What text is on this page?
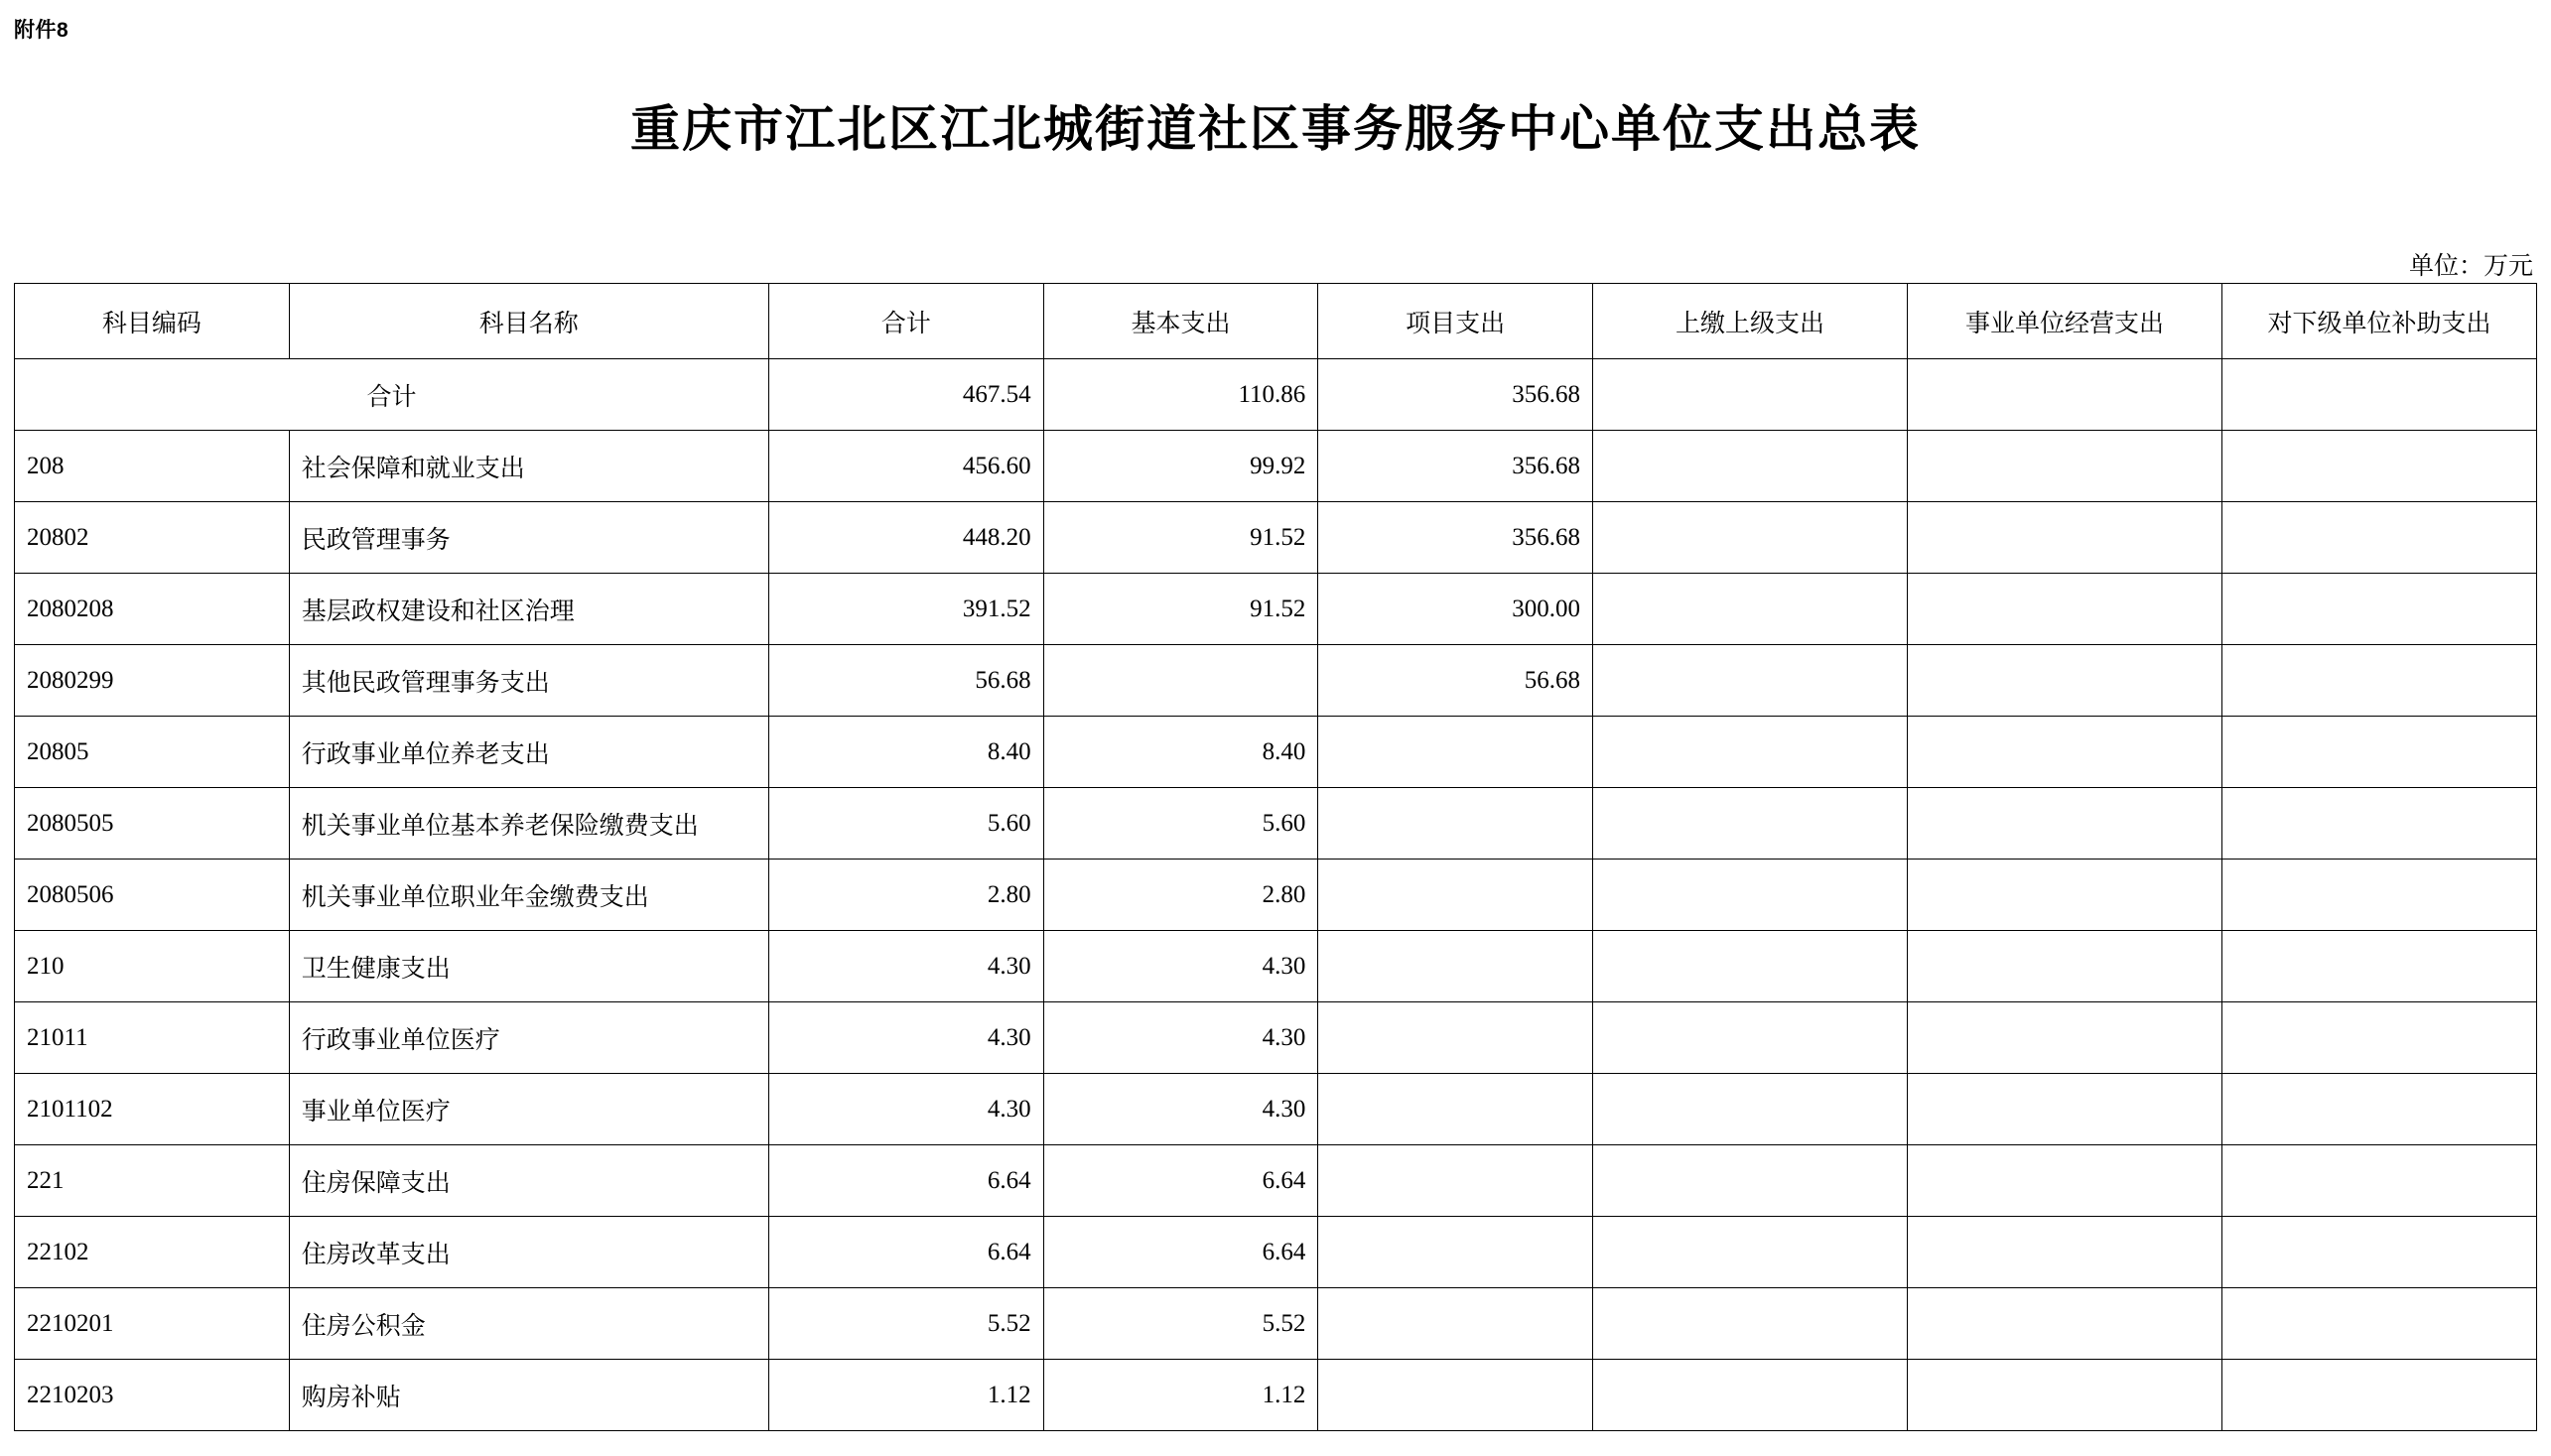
附件8
重庆市江北区江北城街道社区事务服务中心单位支出总表
单位：万元
科目编码	科目名称	合计	基本支出	项目支出	上缴上级支出	事业单位经营支出	对下级单位补助支出
合计		467.54	110.86	356.68			
208	社会保障和就业支出	456.60	99.92	356.68			
20802	民政管理事务	448.20	91.52	356.68			
2080208	基层政权建设和社区治理	391.52	91.52	300.00			
2080299	其他民政管理事务支出	56.68		56.68			
20805	行政事业单位养老支出	8.40	8.40				
2080505	机关事业单位基本养老保险缴费支出	5.60	5.60				
2080506	机关事业单位职业年金缴费支出	2.80	2.80				
210	卫生健康支出	4.30	4.30				
21011	行政事业单位医疗	4.30	4.30				
2101102	事业单位医疗	4.30	4.30				
221	住房保障支出	6.64	6.64				
22102	住房改革支出	6.64	6.64				
2210201	住房公积金	5.52	5.52				
2210203	购房补贴	1.12	1.12				
